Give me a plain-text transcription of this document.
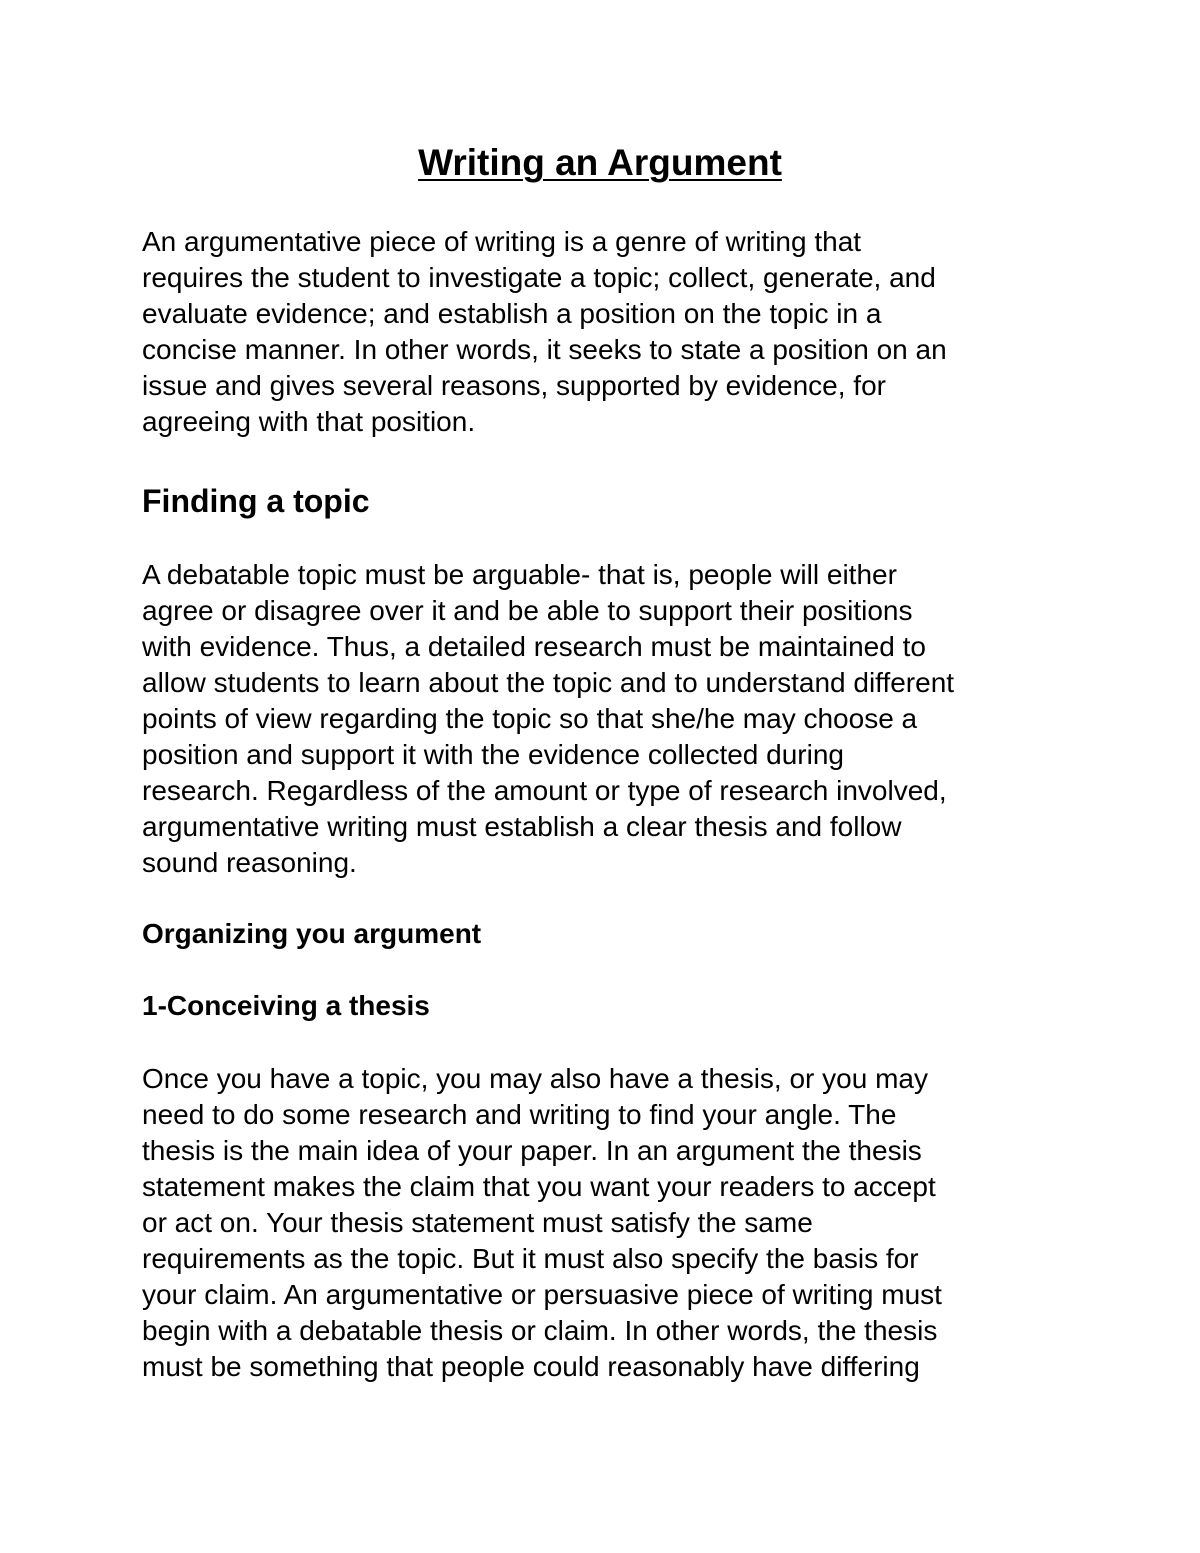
Writing an Argument

An argumentative piece of writing is a genre of writing that
requires the student to investigate a topic; collect, generate, and
evaluate evidence; and establish a position on the topic in a
concise manner. In other words, it seeks to state a position on an
issue and gives several reasons, supported by evidence, for
agreeing with that position.

Finding a topic

A debatable topic must be arguable- that is, people will either
agree or disagree over it and be able to support their positions
with evidence. Thus, a detailed research must be maintained to
allow students to learn about the topic and to understand different
points of view regarding the topic so that she/he may choose a
position and support it with the evidence collected during
research. Regardless of the amount or type of research involved,
argumentative writing must establish a clear thesis and follow
sound reasoning.

Organizing you argument
1-Conceiving a thesis

Once you have a topic, you may also have a thesis, or you may
need to do some research and writing to find your angle. The
thesis is the main idea of your paper. In an argument the thesis
statement makes the claim that you want your readers to accept
or act on. Your thesis statement must satisfy the same
requirements as the topic. But it must also specify the basis for
your claim. An argumentative or persuasive piece of writing must
begin with a debatable thesis or claim. In other words, the thesis
must be something that people could reasonably have differing
